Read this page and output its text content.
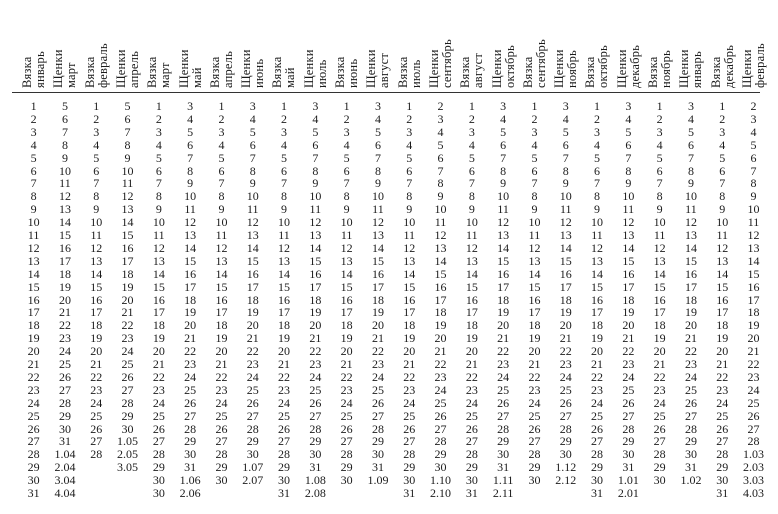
Вязка январь
1
2
3
4
5
6
7
8
9
10
11
12
13
14
15
16
17
18
19
20
21
22
23
24
25
26
27
28
29
30
31
Щенки март
5
6
7
8
9
10
11
12
13
14
15
16
17
18
19
20
21
22
23
24
25
26
27
28
29
30
31
1.04
2.04
3.04
4.04
Вязка февраль
1
2
3
4
5
6
7
8
9
10
11
12
13
14
15
16
17
18
19
20
21
22
23
24
25
26
27
28
Щенки апрель
5
6
7
8
9
10
11
12
13
14
15
16
17
18
19
20
21
22
23
24
25
26
27
28
29
30
1.05
2.05
3.05
Вязка март
1
2
3
4
5
6
7
8
9
10
11
12
13
14
15
16
17
18
19
20
21
22
23
24
25
26
27
28
29
30
30
Щенки май
3
4
5
6
7
8
9
10
11
12
13
14
15
16
17
18
19
20
21
22
23
24
25
26
27
28
29
30
31
1.06
2.06
Вязка апрель
1
2
3
4
5
6
7
8
9
10
11
12
13
14
15
16
17
18
19
20
21
22
23
24
25
26
27
28
29
30
Щенки июнь
3
4
5
6
7
8
9
10
11
12
13
14
15
16
17
18
19
20
21
22
23
24
25
26
27
28
29
30
1.07
2.07
Вязка май
1
2
3
4
5
6
7
8
9
10
11
12
13
14
15
16
17
18
19
20
21
22
23
24
25
26
27
28
29
30
31
Щенки июль
3
4
5
6
7
8
9
10
11
12
13
14
15
16
17
18
19
20
21
22
23
24
25
26
27
28
29
30
31
1.08
2.08
Вязка июнь
1
2
3
4
5
6
7
8
9
10
11
12
13
14
15
16
17
18
19
20
21
22
23
24
25
26
27
28
29
30
Щенки август
3
4
5
6
7
8
9
10
11
12
13
14
15
16
17
18
19
20
21
22
23
24
25
26
27
28
29
30
31
1.09
Вязка июль
1
2
3
4
5
6
7
8
9
10
11
12
13
14
15
16
17
18
19
20
21
22
23
24
25
26
27
28
29
30
31
Щенки сентябрь
2
3
4
5
6
7
8
9
10
11
12
13
14
15
16
17
18
19
20
21
22
23
24
25
26
27
28
29
30
1.10
2.10
Вязка август
1
2
3
4
5
6
7
8
9
10
11
12
13
14
15
16
17
18
19
20
21
22
23
24
25
26
27
28
29
30
31
Щенки октябрь
3
4
5
6
7
8
9
10
11
12
13
14
15
16
17
18
19
20
21
22
23
24
25
26
27
28
29
30
31
1.11
2.11
Вязка сентябрь
1
2
3
4
5
6
7
8
9
10
11
12
13
14
15
16
17
18
19
20
21
22
23
24
25
26
27
28
29
30
Щенки ноябрь
3
4
5
6
7
8
9
10
11
12
13
14
15
16
17
18
19
20
21
22
23
24
25
26
27
28
29
30
1.12
2.12
Вязка октябрь
1
2
3
4
5
6
7
8
9
10
11
12
13
14
15
16
17
18
19
20
21
22
23
24
25
26
27
28
29
30
31
Щенки декабрь
3
4
5
6
7
8
9
10
11
12
13
14
15
16
17
18
19
20
21
22
23
24
25
26
27
28
29
30
31
1.01
2.01
Вязка ноябрь
1
2
3
4
5
6
7
8
9
10
11
12
13
14
15
16
17
18
19
20
21
22
23
24
25
26
27
28
29
30
Щенки январь
3
4
5
6
7
8
9
10
11
12
13
14
15
16
17
18
19
20
21
22
23
24
25
26
27
28
29
30
31
1.02
Вязка декабрь
1
2
3
4
5
6
7
8
9
10
11
12
13
14
15
16
17
18
19
20
21
22
23
24
25
26
27
28
29
30
31
Щенки февраль
2
3
4
5
6
7
8
9
10
11
12
13
14
15
16
17
18
19
20
21
22
23
24
25
26
27
28
1.03
2.03
3.03
4.03
